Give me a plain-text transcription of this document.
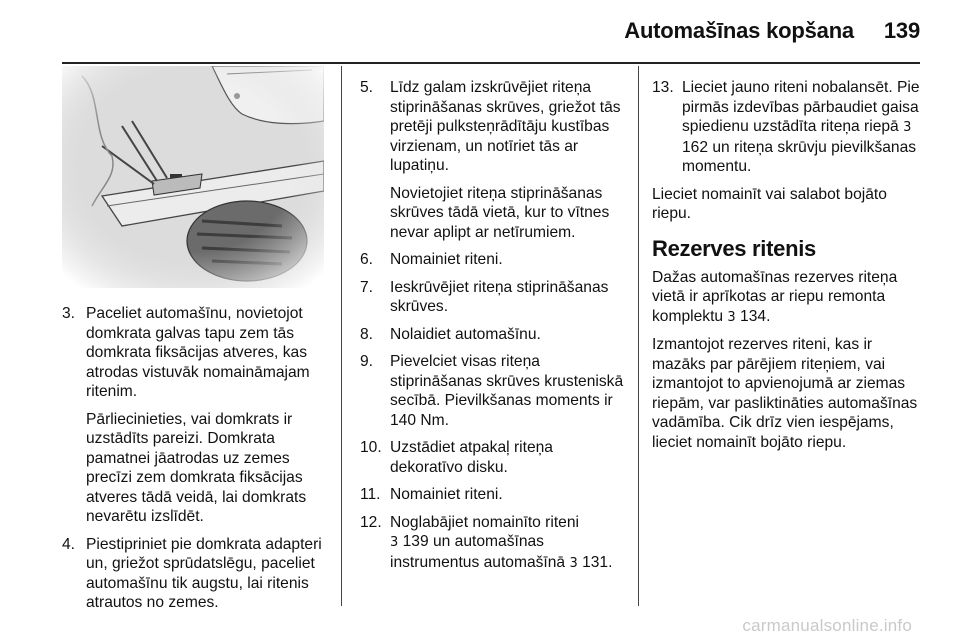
Automašīnas kopšana 139
3. Paceliet automašīnu, novietojot domkrata galvas tapu zem tās domkrata fiksācijas atveres, kas atrodas vistuvāk nomaināmajam ritenim.

Pārliecinieties, vai domkrats ir uzstādīts pareizi. Domkrata pamatnei jāatrodas uz zemes precīzi zem domkrata fiksācijas atveres tādā veidā, lai domkrats nevarētu izslīdēt.

4. Piestipriniet pie domkrata adapteri un, griežot sprūdatslēgu, paceliet automašīnu tik augstu, lai ritenis atrautos no zemes.

5. Līdz galam izskrūvējiet riteņa stiprināšanas skrūves, griežot tās pretēji pulksteņrādītāju kustības virzienam, un notīriet tās ar lupatiņu.

Novietojiet riteņa stiprināšanas skrūves tādā vietā, kur to vītnes nevar aplipt ar netīrumiem.

6. Nomainiet riteni.

7. Ieskrūvējiet riteņa stiprināšanas skrūves.

8. Nolaidiet automašīnu.

9. Pievelciet visas riteņa stiprināšanas skrūves krusteniskā secībā. Pievilkšanas moments ir 140 Nm.

10. Uzstādiet atpakaļ riteņa dekoratīvo disku.

11. Nomainiet riteni.

12. Noglabājiet nomainīto riteni
3 139 un automašīnas instrumentus automašīnā 3 131.

13. Lieciet jauno riteni nobalansēt. Pie pirmās izdevības pārbaudiet gaisa spiedienu uzstādīta riteņa riepā 3 162 un riteņa skrūvju pievilkšanas momentu.

Lieciet nomainīt vai salabot bojāto riepu.

Rezerves ritenis

Dažas automašīnas rezerves riteņa vietā ir aprīkotas ar riepu remonta komplektu 3 134.

Izmantojot rezerves riteni, kas ir mazāks par pārējiem riteņiem, vai izmantojot to apvienojumā ar ziemas riepām, var pasliktināties automašīnas vadāmība. Cik drīz vien iespējams, lieciet nomainīt bojāto riepu.

carmanualsonline.info
